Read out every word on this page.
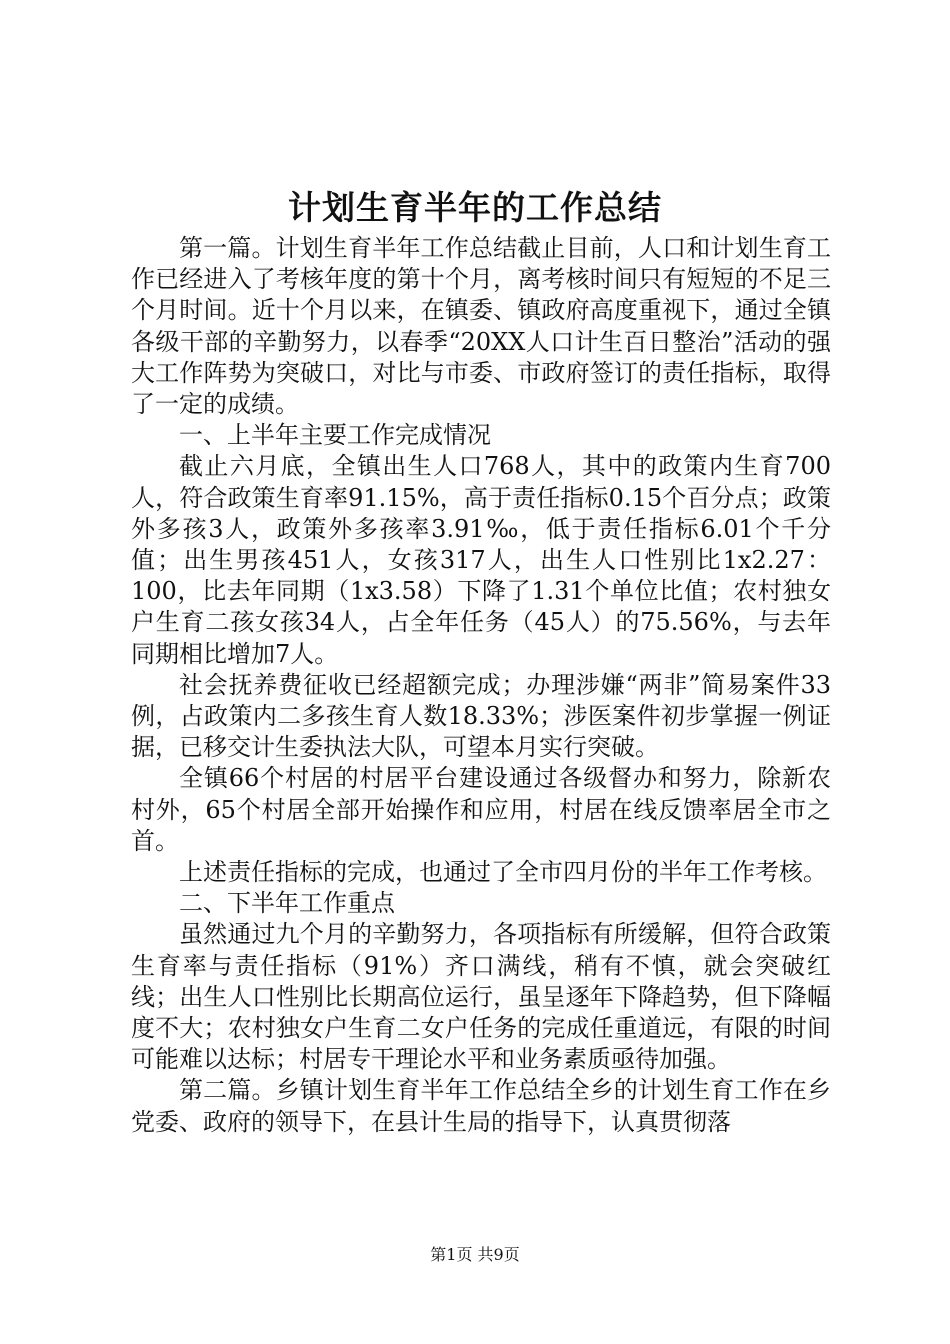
计划生育半年的工作总结

第一篇。计划生育半年工作总结截止目前，人口和计划生育工作已经进入了考核年度的第十个月，离考核时间只有短短的不足三个月时间。近十个月以来，在镇委、镇政府高度重视下，通过全镇各级干部的辛勤努力，以春季“20XX人口计生百日整治”活动的强大工作阵势为突破口，对比与市委、市政府签订的责任指标，取得了一定的成绩。

一、上半年主要工作完成情况

截止六月底，全镇出生人口768人，其中的政策内生育700人，符合政策生育率91.15%，高于责任指标0.15个百分点；政策外多孩3人，政策外多孩率3.91‰，低于责任指标6.01个千分值；出生男孩451人，女孩317人，出生人口性别比1x2.27：100，比去年同期（1x3.58）下降了1.31个单位比值；农村独女户生育二孩女孩34人，占全年任务（45人）的75.56%，与去年同期相比增加7人。

社会抚养费征收已经超额完成；办理涉嫌“两非”简易案件33例，占政策内二多孩生育人数18.33%；涉医案件初步掌握一例证据，已移交计生委执法大队，可望本月实行突破。

全镇66个村居的村居平台建设通过各级督办和努力，除新农村外，65个村居全部开始操作和应用，村居在线反馈率居全市之首。

上述责任指标的完成，也通过了全市四月份的半年工作考核。

二、下半年工作重点

虽然通过九个月的辛勤努力，各项指标有所缓解，但符合政策生育率与责任指标（91%）齐口满线，稍有不慎，就会突破红线；出生人口性别比长期高位运行，虽呈逐年下降趋势，但下降幅度不大；农村独女户生育二女户任务的完成任重道远，有限的时间可能难以达标；村居专干理论水平和业务素质亟待加强。

第二篇。乡镇计划生育半年工作总结全乡的计划生育工作在乡党委、政府的领导下，在县计生局的指导下，认真贯彻落

第1页 共9页
